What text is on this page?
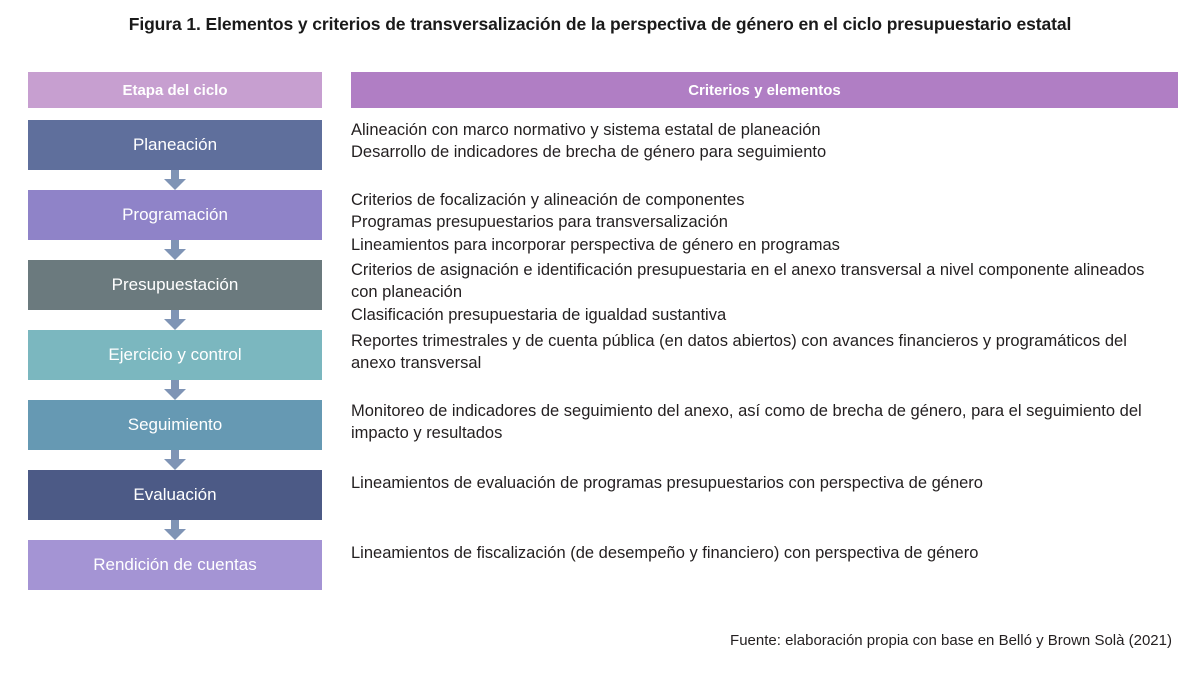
Figura 1. Elementos y criterios de transversalización de la perspectiva de género en el ciclo presupuestario estatal
Etapa del ciclo	Criterios y elementos
Planeación
Programación
Presupuestación
Ejercicio y control
Seguimiento
Evaluación
Rendición de cuentas
Alineación con marco normativo y sistema estatal de planeación
Desarrollo de indicadores de brecha de género para seguimiento
Criterios de focalización y alineación de componentes
Programas presupuestarios para transversalización
Lineamientos para incorporar perspectiva de género en programas
Criterios de asignación e identificación presupuestaria en el anexo transversal a nivel componente alineados con planeación
Clasificación presupuestaria de igualdad sustantiva
Reportes trimestrales y de cuenta pública (en datos abiertos) con avances financieros y programáticos del anexo transversal
Monitoreo de indicadores de seguimiento del anexo, así como de brecha de género, para el seguimiento del impacto y resultados
Lineamientos de evaluación de programas presupuestarios con perspectiva de género
Lineamientos de fiscalización (de desempeño y financiero) con perspectiva de género
Fuente: elaboración propia con base en Belló y Brown Solà (2021)
